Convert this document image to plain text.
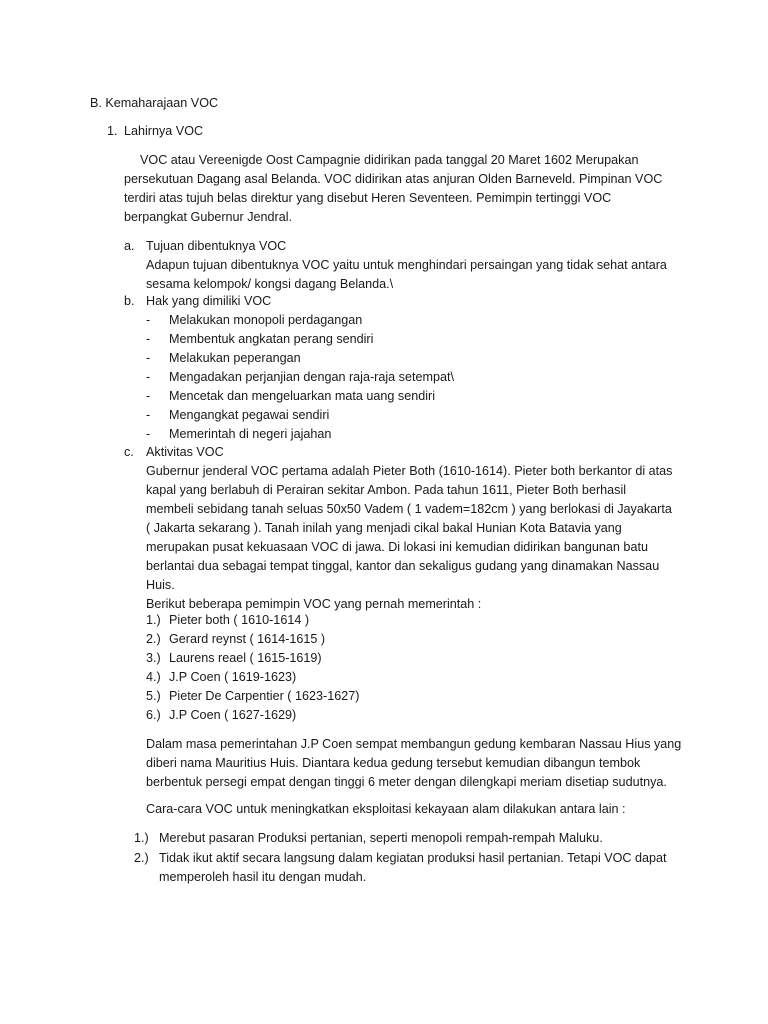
B. Kemaharajaan VOC
1. Lahirnya VOC
VOC atau Vereenigde Oost Campagnie didirikan pada tanggal 20 Maret 1602 Merupakan
persekutuan Dagang asal Belanda. VOC didirikan atas anjuran Olden Barneveld. Pimpinan VOC
terdiri atas tujuh belas direktur yang disebut Heren Seventeen. Pemimpin tertinggi VOC
berpangkat Gubernur Jendral.
a. Tujuan dibentuknya VOC
Adapun tujuan dibentuknya VOC yaitu untuk menghindari persaingan yang tidak sehat antara
sesama kelompok/ kongsi dagang Belanda.\
b. Hak yang dimiliki VOC
- Melakukan monopoli perdagangan
- Membentuk angkatan perang sendiri
- Melakukan peperangan
- Mengadakan perjanjian dengan raja-raja setempat\
- Mencetak dan mengeluarkan mata uang sendiri
- Mengangkat pegawai sendiri
- Memerintah di negeri jajahan
c. Aktivitas VOC
Gubernur jenderal VOC pertama adalah Pieter Both (1610-1614). Pieter both berkantor di atas
kapal yang berlabuh di Perairan sekitar Ambon. Pada tahun 1611, Pieter Both berhasil
membeli sebidang tanah seluas 50x50 Vadem ( 1 vadem=182cm ) yang berlokasi di Jayakarta
( Jakarta sekarang ). Tanah inilah yang menjadi cikal bakal Hunian Kota Batavia yang
merupakan pusat kekuasaan VOC di jawa. Di lokasi ini kemudian didirikan bangunan batu
berlantai dua sebagai tempat tinggal, kantor dan sekaligus gudang yang dinamakan Nassau
Huis.
Berikut beberapa pemimpin VOC yang pernah memerintah :
1.) Pieter both ( 1610-1614 )
2.) Gerard reynst ( 1614-1615 )
3.) Laurens reael ( 1615-1619)
4.) J.P Coen ( 1619-1623)
5.) Pieter De Carpentier ( 1623-1627)
6.) J.P Coen ( 1627-1629)
Dalam masa pemerintahan J.P Coen sempat membangun gedung kembaran Nassau Hius yang
diberi nama Mauritius Huis. Diantara kedua gedung tersebut kemudian dibangun tembok
berbentuk persegi empat dengan tinggi 6 meter dengan dilengkapi meriam disetiap sudutnya.
Cara-cara VOC untuk meningkatkan eksploitasi kekayaan alam dilakukan antara lain :
1.) Merebut pasaran Produksi pertanian, seperti menopoli rempah-rempah Maluku.
2.) Tidak ikut aktif secara langsung dalam kegiatan produksi hasil pertanian. Tetapi VOC dapat
memperoleh hasil itu dengan mudah.
